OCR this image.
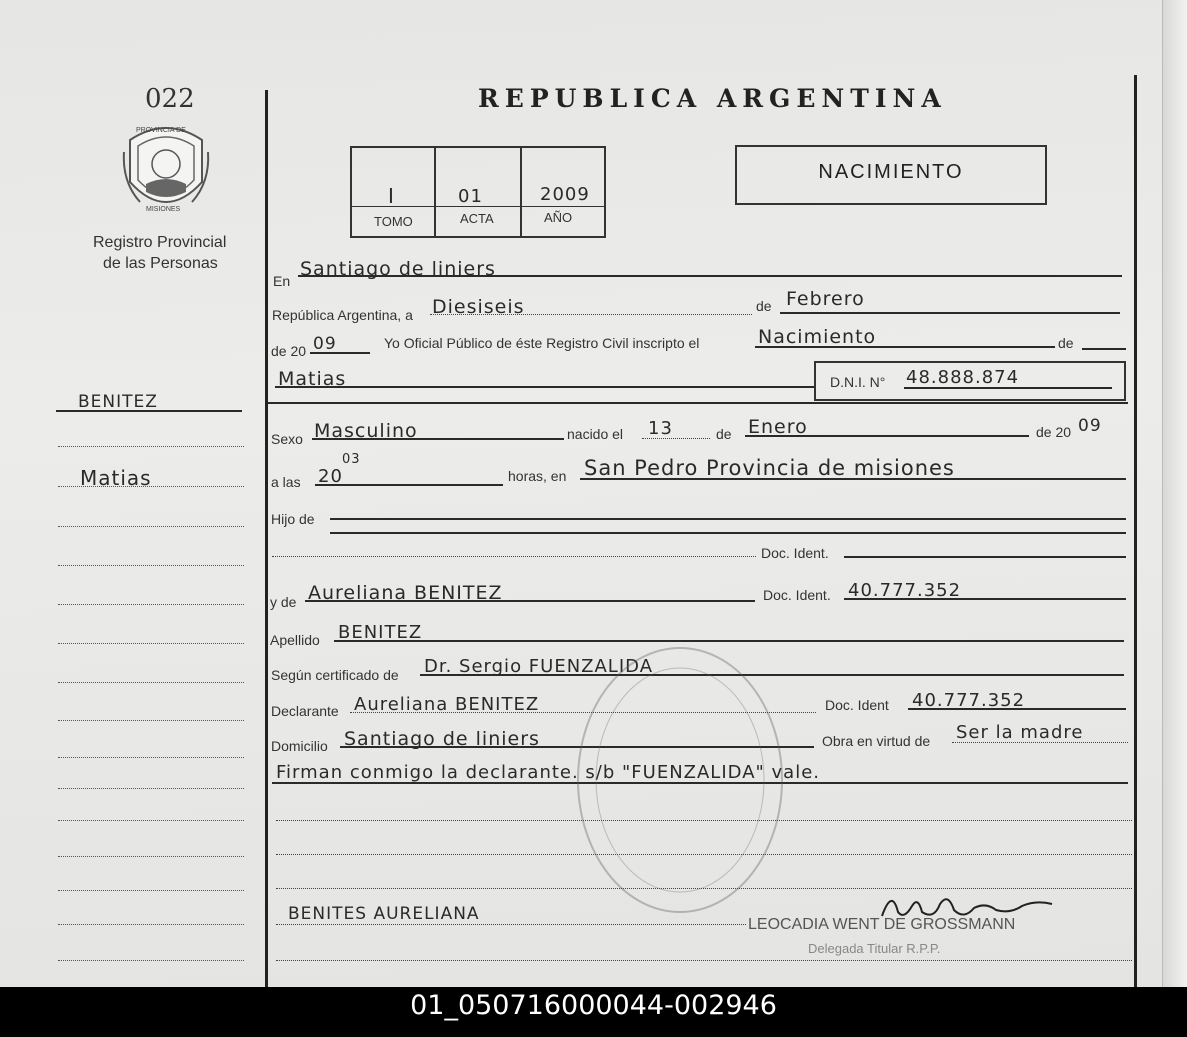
022
PROVINCIA DE
MISIONES
Registro Provincial
de las Personas
REPUBLICA ARGENTINA
I	01	2009
TOMO	ACTA	AÑO
NACIMIENTO
BENITEZ
Matias
En
Santiago de liniers
República Argentina, a Diesiseis	de Febrero
de 20 09	Yo Oficial Público de éste Registro Civil inscripto el	Nacimiento	de
Matias	D.N.I. N° 48.888.874
Sexo Masculino	nacido el 13	de Enero	de 20 09
a las 20
03
horas, en San Pedro Provincia de misiones
Hijo de
Doc. Ident.
y de Aureliana BENITEZ	Doc. Ident. 40.777.352
Apellido BENITEZ
Según certificado de Dr. Sergio FUENZALIDA
Declarante Aureliana BENITEZ	Doc. Ident 40.777.352
Domicilio Santiago de liniers	Obra en virtud de Ser la madre
Firman conmigo la declarante. s/b "FUENZALIDA" vale.
BENITES AURELIANA
LEOCADIA WENT DE GROSSMANN
Delegada Titular R.P.P.
01_050716000044-002946
